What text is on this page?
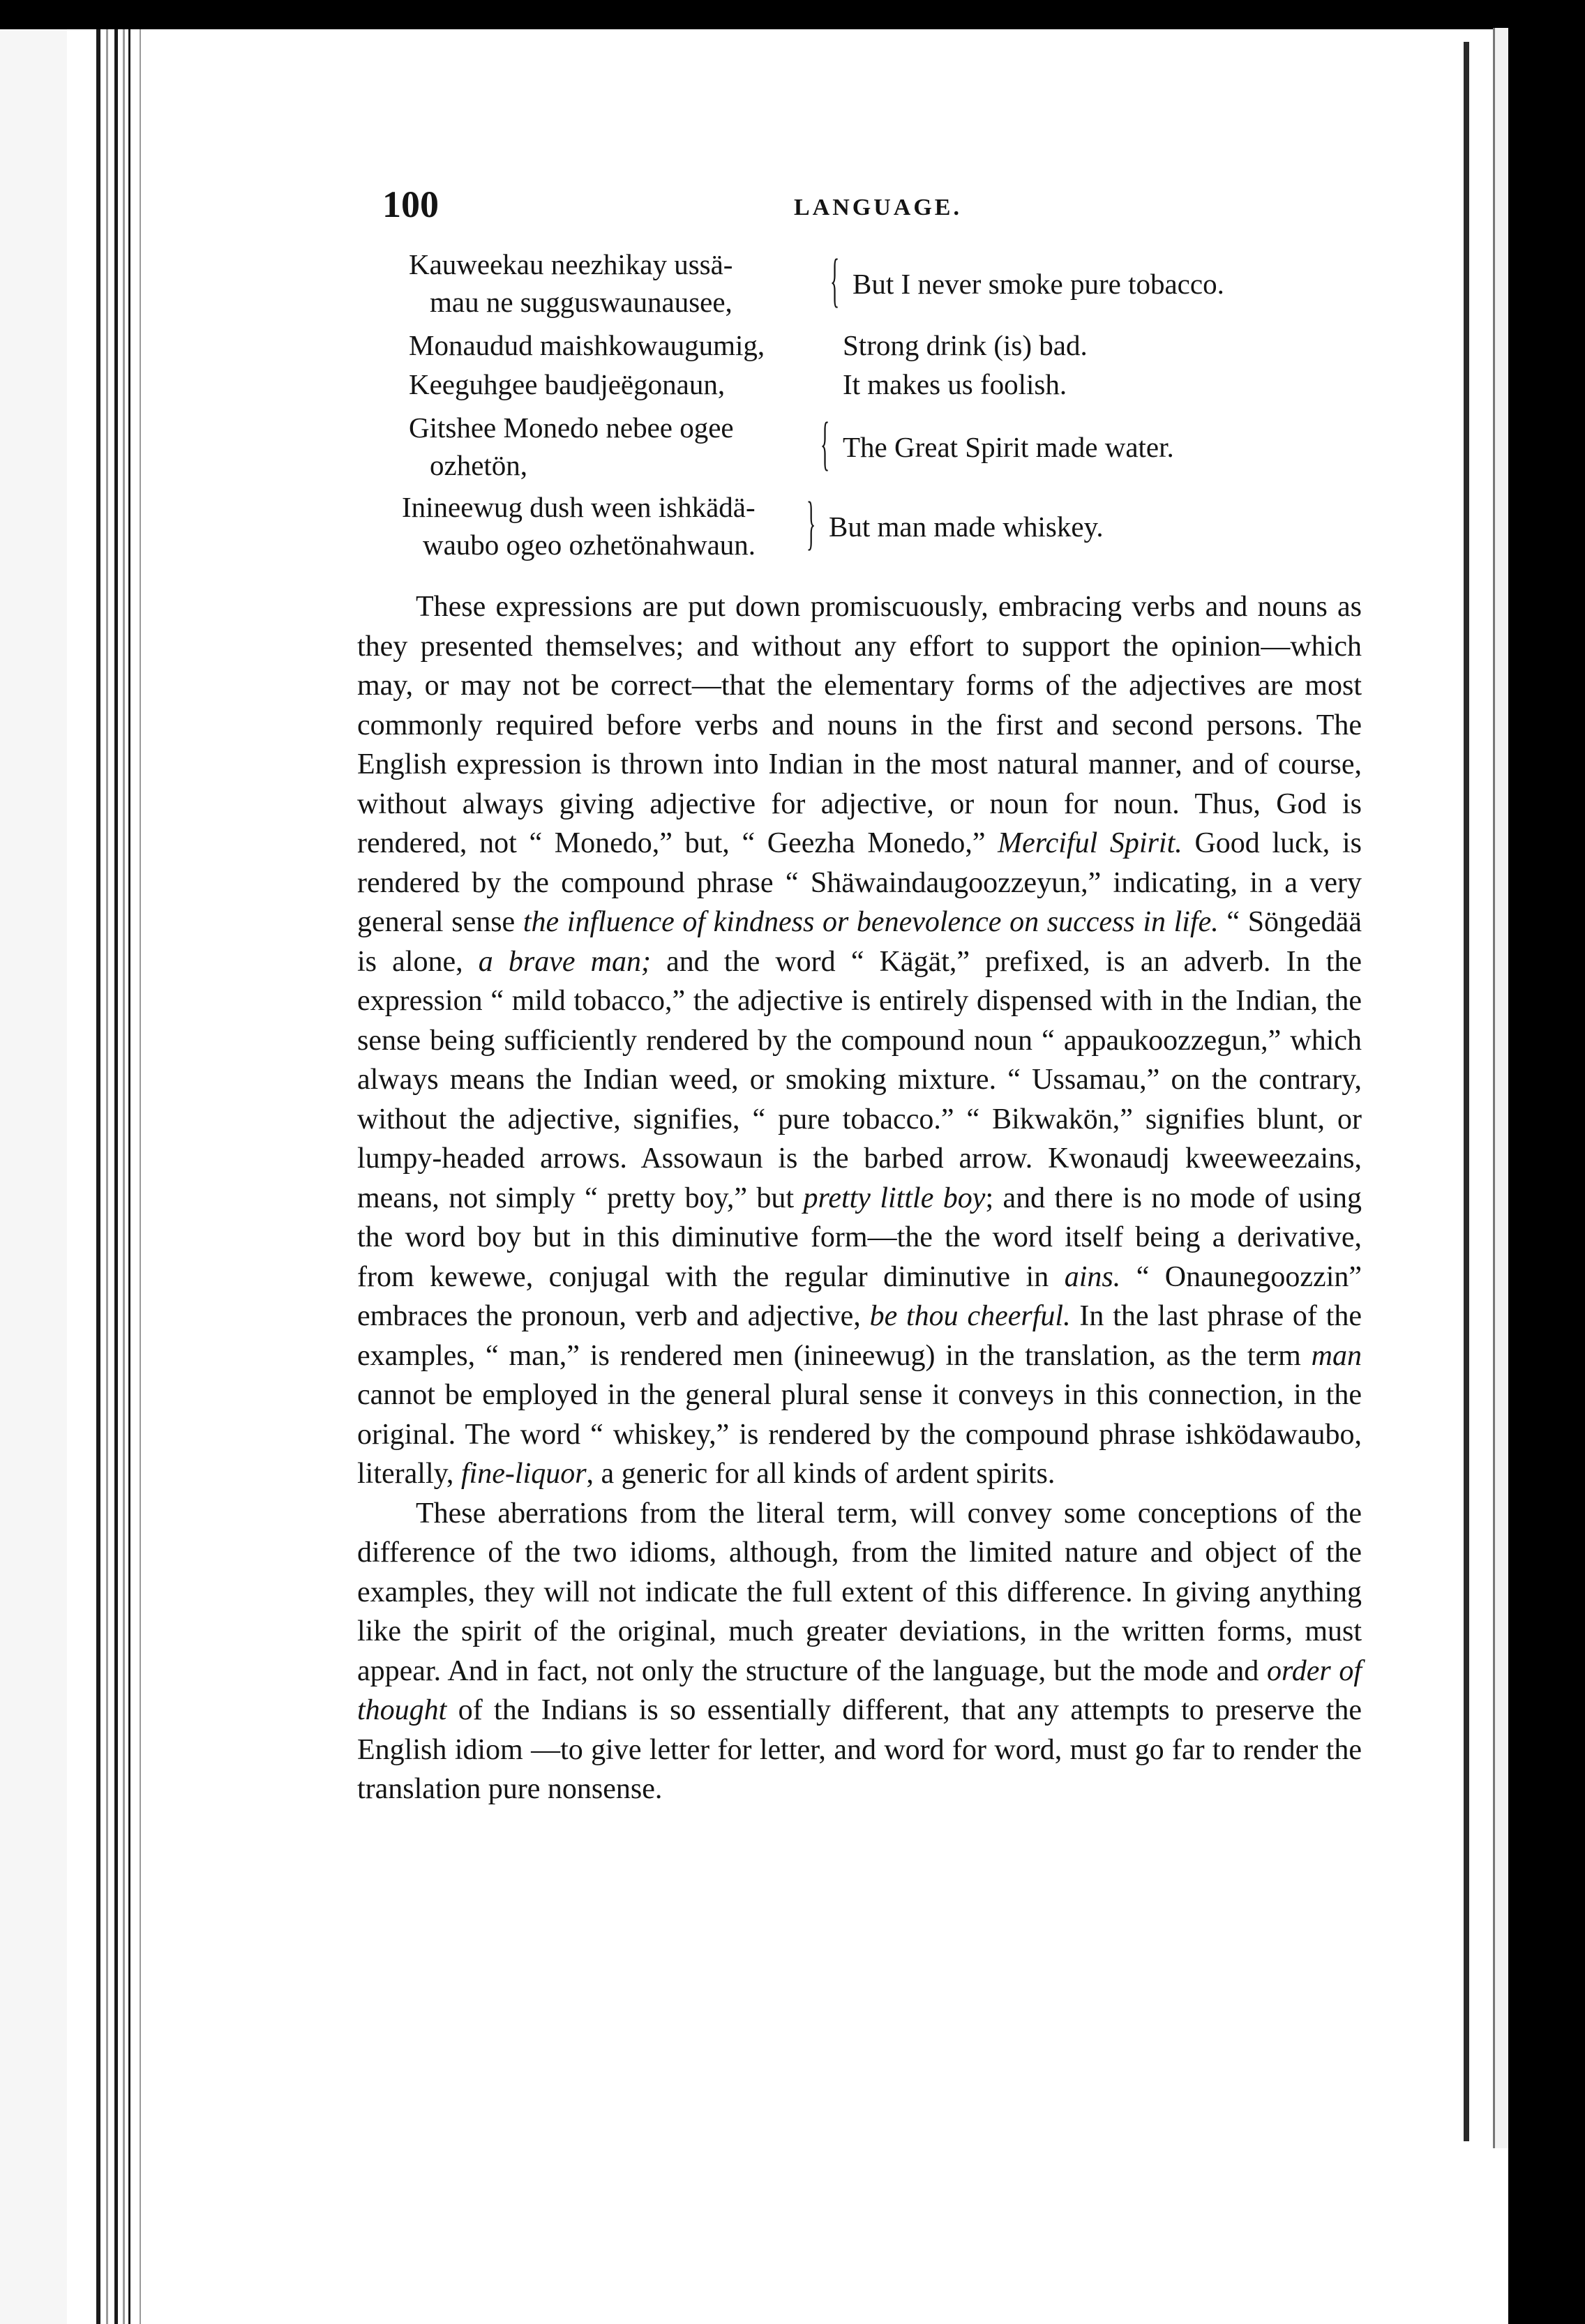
100	LANGUAGE.
Kauweekau neezhikay ussä-
mau ne sugguswaunausee,	{ But I never smoke pure tobacco.
Monaudud maishkowaugumig,	Strong drink (is) bad.
Keeguhgee baudjeëgonaun,	It makes us foolish.
Gitshee Monedo nebee ogee
ozhetön,	{ The Great Spirit made water.
Inineewug dush ween ishkädä-
waubo ogeo ozhetönahwaun. } But man made whiskey.

These expressions are put down promiscuously, embracing verbs and nouns as they presented themselves; and without any effort to support the opinion—which may, or may not be correct—that the elementary forms of the adjectives are most commonly required before verbs and nouns in the first and second persons. The English expression is thrown into Indian in the most natural manner, and of course, without always giving adjective for adjective, or noun for noun. Thus, God is rendered, not “ Monedo,” but, “ Geezha Monedo,” Merciful Spirit. Good luck, is rendered by the compound phrase “ Shäwaindaugoozzeyun,” indicating, in a very general sense the influence of kindness or benevolence on success in life. “ Söngedää is alone, a brave man; and the word “ Kägät,” prefixed, is an adverb. In the expression “ mild tobacco,” the adjective is entirely dispensed with in the Indian, the sense being sufficiently rendered by the compound noun “ appaukoozzegun,” which always means the Indian weed, or smoking mixture. “ Ussamau,” on the contrary, without the adjective, signifies, “ pure tobacco.” “ Bikwakön,” signifies blunt, or lumpy-headed arrows. Assowaun is the barbed arrow. Kwonaudj kweeweezains, means, not simply “ pretty boy,” but pretty little boy; and there is no mode of using the word boy but in this diminutive form—the the word itself being a derivative, from kewewe, conjugal with the regular diminutive in ains. “ Onaunegoozzin” embraces the pronoun, verb and adjective, be thou cheerful. In the last phrase of the examples, “ man,” is rendered men (inineewug) in the translation, as the term man cannot be employed in the general plural sense it conveys in this connection, in the original. The word “ whiskey,” is rendered by the compound phrase ishködawaubo, literally, fine-liquor, a generic for all kinds of ardent spirits.

These aberrations from the literal term, will convey some conceptions of the difference of the two idioms, although, from the limited nature and object of the examples, they will not indicate the full extent of this difference. In giving anything like the spirit of the original, much greater deviations, in the written forms, must appear. And in fact, not only the structure of the language, but the mode and order of thought of the Indians is so essentially different, that any attempts to preserve the English idiom —to give letter for letter, and word for word, must go far to render the translation pure nonsense.
